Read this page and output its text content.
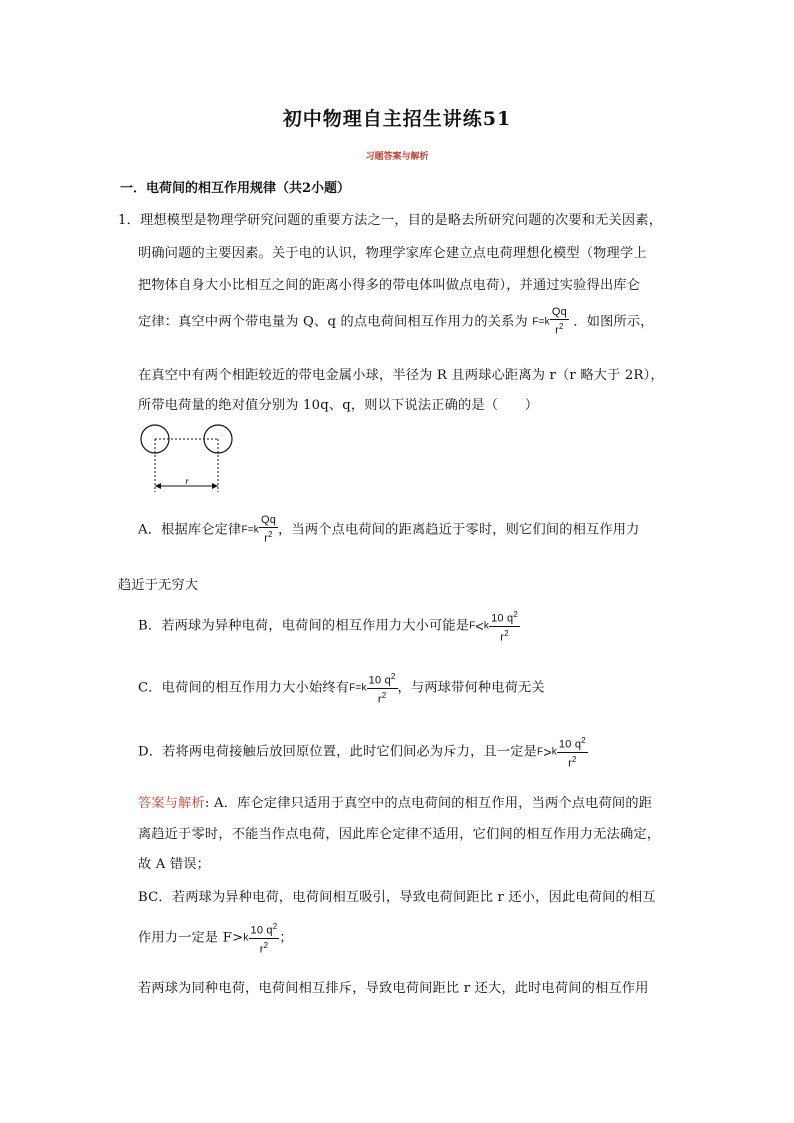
初中物理自主招生讲练51
习题答案与解析
一．电荷间的相互作用规律（共2小题）
1．理想模型是物理学研究问题的重要方法之一，目的是略去所研究问题的次要和无关因素，
明确问题的主要因素。关于电的认识，物理学家库仑建立点电荷理想化模型（物理学上
把物体自身大小比相互之间的距离小得多的带电体叫做点电荷），并通过实验得出库仑
定律：真空中两个带电量为 Q、q 的点电荷间相互作用力的关系为 $F=k \frac{Qq}{r^2}$ ．如图所示，
在真空中有两个相距较近的带电金属小球，半径为 R 且两球心距离为 r（r 略大于 2R），
所带电荷量的绝对值分别为 10q、q，则以下说法正确的是（　　）
r
A．根据库仑定律$F=k \frac{Qq}{r^2}$ ，当两个点电荷间的距离趋近于零时，则它们间的相互作用力
趋近于无穷大
B．若两球为异种电荷，电荷间的相互作用力大小可能是$F<k \frac{10 q^2}{r^2}$
C．电荷间的相互作用力大小始终有$F=k \frac{10 q^2}{r^2}$ ，与两球带何种电荷无关
D．若将两电荷接触后放回原位置，此时它们间必为斥力，且一定是$F>k \frac{10 q^2}{r^2}$
答案与解析: A．库仑定律只适用于真空中的点电荷间的相互作用，当两个点电荷间的距
离趋近于零时，不能当作点电荷，因此库仑定律不适用，它们间的相互作用力无法确定，
故 A 错误；
BC．若两球为异种电荷，电荷间相互吸引，导致电荷间距比 r 还小，因此电荷间的相互
作用力一定是 $F>k \frac{10 q^2}{r^2}$ ；
若两球为同种电荷，电荷间相互排斥，导致电荷间距比 r 还大，此时电荷间的相互作用
